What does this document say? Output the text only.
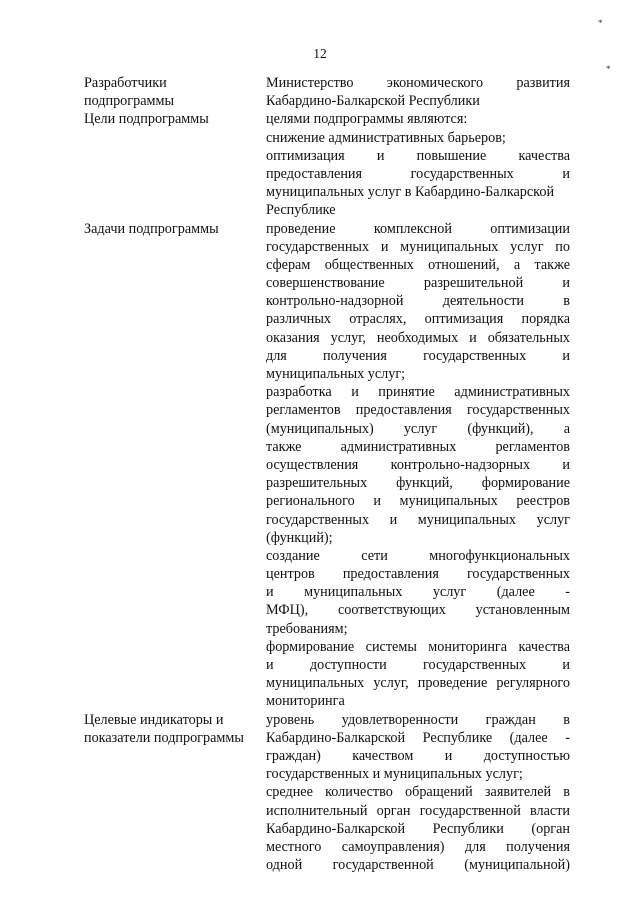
*
*
12
Разработчики
подпрограммы
Цели подпрограммы
Задачи подпрограммы
Целевые индикаторы и
показатели подпрограммы
Министерство экономического развития
Кабардино-Балкарской Республики
целями подпрограммы являются:
снижение административных барьеров;
оптимизация и повышение качества
предоставления государственных и
муниципальных услуг в Кабардино-Балкарской
Республике
проведение комплексной оптимизации
государственных и муниципальных услуг по
сферам общественных отношений, а также
совершенствование разрешительной и
контрольно-надзорной деятельности в
различных отраслях, оптимизация порядка
оказания услуг, необходимых и обязательных
для получения государственных и
муниципальных услуг;
разработка и принятие административных
регламентов предоставления государственных
(муниципальных) услуг (функций), а
также административных регламентов
осуществления контрольно-надзорных и
разрешительных функций, формирование
регионального и муниципальных реестров
государственных и муниципальных услуг
(функций);
создание сети многофункциональных
центров предоставления государственных
и муниципальных услуг (далее -
МФЦ), соответствующих установленным
требованиям;
формирование системы мониторинга качества
и доступности государственных и
муниципальных услуг, проведение регулярного
мониторинга
уровень удовлетворенности граждан в
Кабардино-Балкарской Республике (далее -
граждан) качеством и доступностью
государственных и муниципальных услуг;
среднее количество обращений заявителей в
исполнительный орган государственной власти
Кабардино-Балкарской Республики (орган
местного самоуправления) для получения
одной государственной (муниципальной)
